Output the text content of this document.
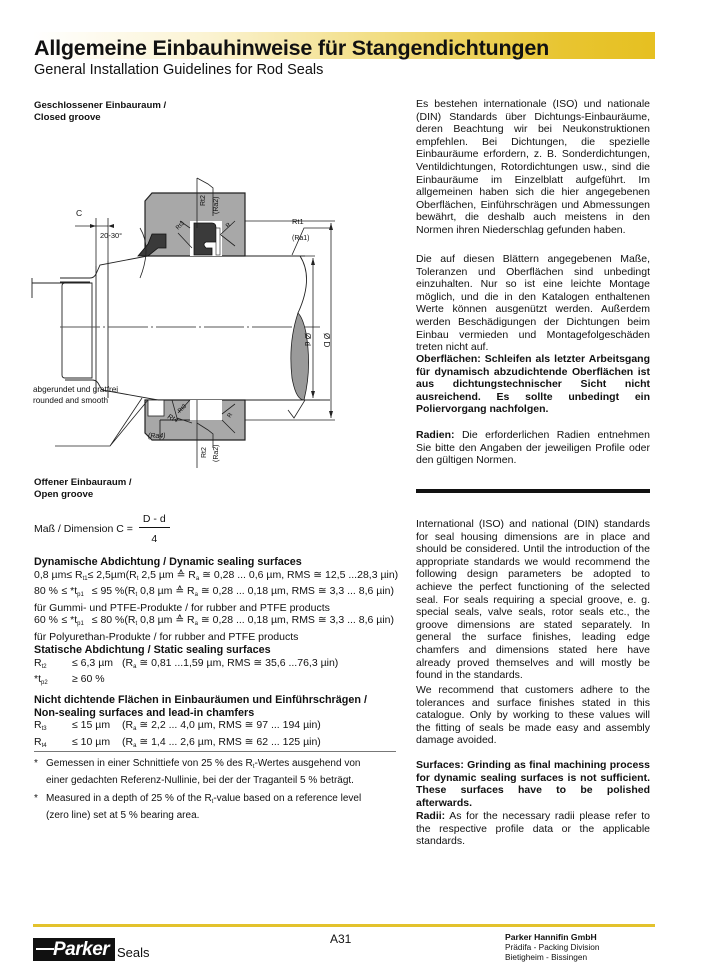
Allgemeine Einbauhinweise für Stangendichtungen
General Installation Guidelines for Rod Seals
Geschlossener Einbauraum /
Closed groove
C
20-30°
Rt1
(Ra1)
Rt2 (Ra2)
Rt4
(Ra4)
Rt2 (Ra2)
Rt3	R
Rt3
R
Ø d Ø D
abgerundet und gratfrei
rounded and smooth
Offener Einbauraum /
Open groove
Maß / Dimension $C = \frac{D - d}{4}$
Dynamische Abdichtung / Dynamic sealing surfaces
0,8 $\mu m \le R_{t1} \le 2,5\mu m$ ($R_t$ 2,5 µm ≙ $R_a$ ≅ 0,28 ... 0,6 µm, RMS ≅ 12,5 ...28,3 µin)
80 % ≤ $*t_{p1} \le 95$ % ($R_t$ 0,8 µm ≙ $R_a$ ≅ 0,28 ... 0,18 µm, RMS ≅ 3,3 ... 8,6 µin)
für Gummi- und PTFE-Produkte / for rubber and PTFE products
60 % ≤ $*t_{p1} \le 80$ % ($R_t$ 0,8 µm ≙ $R_a$ ≅ 0,28 ... 0,18 µm, RMS ≅ 3,3 ... 8,6 µin)
für Polyurethan-Produkte / for rubber and PTFE products
Statische Abdichtung / Static sealing surfaces
$R_{t2}$	≤ 6,3 µm ($R_a$ ≅ 0,81 ...1,59 µm, RMS ≅ 35,6 ...76,3 µin)
$*t_{p2}$	≥ 60 %
Nicht dichtende Flächen in Einbauräumen und Einführschrägen /
Non-sealing surfaces and lead-in chamfers
$R_{t3}$	≤ 15 µm	($R_a$ ≅ 2,2 ... 4,0 µm, RMS ≅ 97 ... 194 µin)
$R_{t4}$	≤ 10 µm	($R_a$ ≅ 1,4 ... 2,6 µm, RMS ≅ 62 ... 125 µin)
* Gemessen in einer Schnittiefe von 25 % des $R_t$-Wertes ausgehend von einer gedachten Referenz-Nullinie, bei der der Traganteil 5 % beträgt.
* Measured in a depth of 25 % of the $R_t$-value based on a reference level (zero line) set at 5 % bearing area.
Es bestehen internationale (ISO) und nationale (DIN) Standards über Dichtungs-Einbauräume, deren Beachtung wir bei Neukonstruktionen empfehlen. Bei Dichtungen, die spezielle Einbauräume erfordern, z. B. Sonderdichtungen, Ventildichtungen, Rotordichtungen usw., sind die Einbauräume im Einzelblatt aufgeführt. Im allgemeinen haben sich die hier angegebenen Oberflächen, Einführschrägen und Abmessungen bewährt, die deshalb auch meistens in den Normen ihren Niederschlag gefunden haben.
Die auf diesen Blättern angegebenen Maße, Toleranzen und Oberflächen sind unbedingt einzuhalten. Nur so ist eine leichte Montage möglich, und die in den Katalogen enthaltenen Werte können ausgenützt werden. Außerdem werden Beschädigungen der Dichtungen beim Einbau vermieden und Montagefolgeschäden treten nicht auf.
Oberflächen: Schleifen als letzter Arbeitsgang für dynamisch abzudichtende Oberflächen ist aus dichtungstechnischer Sicht nicht ausreichend. Es sollte unbedingt ein Poliervorgang nachfolgen.
Radien: Die erforderlichen Radien entnehmen Sie bitte den Angaben der jeweiligen Profile oder den gültigen Normen.
International (ISO) and national (DIN) standards for seal housing dimensions are in place and should be considered. Until the introduction of the appropriate standards we would recommend the following design parameters be adopted to achieve the perfect functioning of the selected seal. For seals requiring a special groove, e. g. special seals, valve seals, rotor seals etc., the groove dimensions are stated separately. In general the surface finishes, leading edge chamfers and dimensions stated here have already proved themselves and will mostly be found in the standards.
We recommend that customers adhere to the tolerances and surface finishes stated in this catalogue. Only by working to these values will the fitting of seals be made easy and assembly damage avoided.
Surfaces: Grinding as final machining process for dynamic sealing surfaces is not sufficient. These surfaces have to be polished afterwards.
Radii: As for the necessary radii please refer to the respective profile data or the applicable standards.
Parker Seals
A31	Parker Hannifin GmbH
Prädifa - Packing Division
Bietigheim - Bissingen
